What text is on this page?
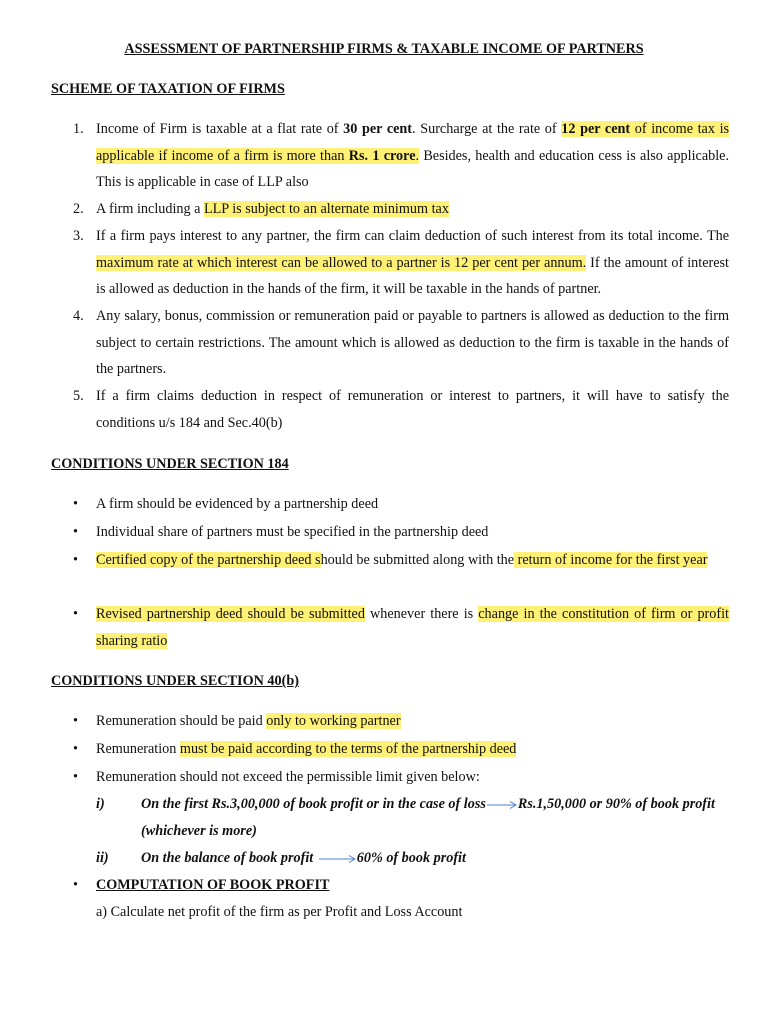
ASSESSMENT OF PARTNERSHIP FIRMS & TAXABLE INCOME OF PARTNERS
SCHEME OF TAXATION OF FIRMS
1. Income of Firm is taxable at a flat rate of 30 per cent. Surcharge at the rate of 12 per cent of income tax is applicable if income of a firm is more than Rs. 1 crore. Besides, health and education cess is also applicable. This is applicable in case of LLP also
2. A firm including a LLP is subject to an alternate minimum tax
3. If a firm pays interest to any partner, the firm can claim deduction of such interest from its total income. The maximum rate at which interest can be allowed to a partner is 12 per cent per annum. If the amount of interest is allowed as deduction in the hands of the firm, it will be taxable in the hands of partner.
4. Any salary, bonus, commission or remuneration paid or payable to partners is allowed as deduction to the firm subject to certain restrictions. The amount which is allowed as deduction to the firm is taxable in the hands of the partners.
5. If a firm claims deduction in respect of remuneration or interest to partners, it will have to satisfy the conditions u/s 184 and Sec.40(b)
CONDITIONS UNDER SECTION 184
• A firm should be evidenced by a partnership deed
• Individual share of partners must be specified in the partnership deed
• Certified copy of the partnership deed should be submitted along with the return of income for the first year
• Revised partnership deed should be submitted whenever there is change in the constitution of firm or profit sharing ratio
CONDITIONS UNDER SECTION 40(b)
• Remuneration should be paid only to working partner
• Remuneration must be paid according to the terms of the partnership deed
• Remuneration should not exceed the permissible limit given below:
i)	On the first Rs.3,00,000 of book profit or in the case of loss Rs.1,50,000 or 90% of book profit (whichever is more)
ii) On the balance of book profit	60% of book profit
• COMPUTATION OF BOOK PROFIT
a) Calculate net profit of the firm as per Profit and Loss Account
